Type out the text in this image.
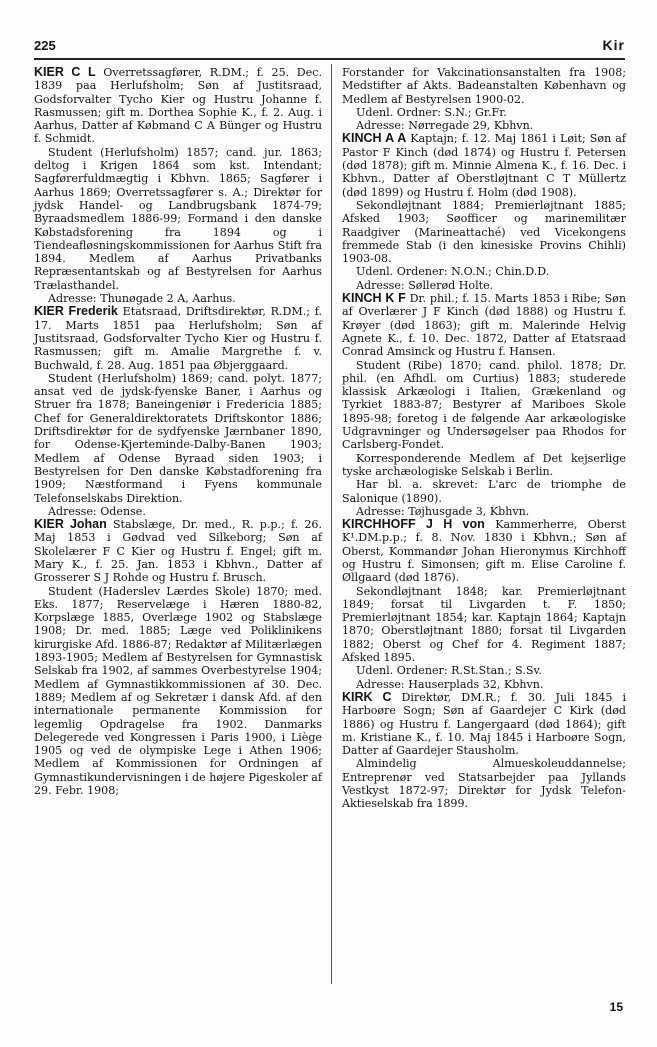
225	Kir

KIER C L Overretssagfører, R.DM.; f. 25. Dec. 1839 paa Herlufsholm; Søn af Justitsraad, Godsforvalter Tycho Kier og Hustru Johanne f. Rasmussen; gift m. Dorthea Sophie K., f. 2. Aug. i Aarhus, Datter af Købmand C A Bünger og Hustru f. Schmidt.

Student (Herlufsholm) 1857; cand. jur. 1863; deltog i Krigen 1864 som kst. Intendant; Sagførerfuldmægtig i Kbhvn. 1865; Sagfører i Aarhus 1869; Overretssagfører s. A.; Direktør for jydsk Handel- og Landbrugsbank 1874-79; Byraadsmedlem 1886-99; Formand i den danske Købstadsforening fra 1894 og i Tiendeafløsningskommissionen for Aarhus Stift fra 1894. Medlem af Aarhus Privatbanks Repræsentantskab og af Bestyrelsen for Aarhus Trælasthandel.

Adresse: Thunøgade 2 A, Aarhus.

KIER Frederik Etatsraad, Driftsdirektør, R.DM.; f. 17. Marts 1851 paa Herlufsholm; Søn af Justitsraad, Godsforvalter Tycho Kier og Hustru f. Rasmussen; gift m. Amalie Margrethe f. v. Buchwald, f. 28. Aug. 1851 paa Øbjerggaard.

Student (Herlufsholm) 1869; cand. polyt. 1877; ansat ved de jydsk-fyenske Baner, i Aarhus og Struer fra 1878; Baneingeniør i Fredericia 1885; Chef for Generaldirektoratets Driftskontor 1886; Driftsdirektør for de sydfyenske Jærnbaner 1890, for Odense-Kjerteminde-Dalby-Banen 1903; Medlem af Odense Byraad siden 1903; i Bestyrelsen for Den danske Købstadforening fra 1909; Næstformand i Fyens kommunale Telefonselskabs Direktion.

Adresse: Odense.

KIER Johan Stabslæge, Dr. med., R. p.p.; f. 26. Maj 1853 i Gødvad ved Silkeborg; Søn af Skolelærer F C Kier og Hustru f. Engel; gift m. Mary K., f. 25. Jan. 1853 i Kbhvn., Datter af Grosserer S J Rohde og Hustru f. Brusch.

Student (Haderslev Lærdes Skole) 1870; med. Eks. 1877; Reservelæge i Hæren 1880-82, Korpslæge 1885, Overlæge 1902 og Stabslæge 1908; Dr. med. 1885; Læge ved Poliklinikens kirurgiske Afd. 1886-87; Redaktør af Militærlægen 1893-1905; Medlem af Bestyrelsen for Gymnastisk Selskab fra 1902, af sammes Overbestyrelse 1904; Medlem af Gymnastikkommissionen af 30. Dec. 1889; Medlem af og Sekretær i dansk Afd. af den internationale permanente Kommission for legemlig Opdragelse fra 1902. Danmarks Delegerede ved Kongressen i Paris 1900, i Liège 1905 og ved de olympiske Lege i Athen 1906; Medlem af Kommissionen for Ordningen af Gymnastikundervisningen i de højere Pigeskoler af 29. Febr. 1908;

Forstander for Vakcinationsanstalten fra 1908; Medstifter af Akts. Badeanstalten København og Medlem af Bestyrelsen 1900-02.

Udenl. Ordner: S.N.; Gr.Fr.

Adresse: Nørregade 29, Kbhvn.

KINCH A A Kaptajn; f. 12. Maj 1861 i Løit; Søn af Pastor F Kinch (død 1874) og Hustru f. Petersen (død 1878); gift m. Minnie Almena K., f. 16. Dec. i Kbhvn., Datter af Oberstløjtnant C T Müllertz (død 1899) og Hustru f. Holm (død 1908).

Sekondløjtnant 1884; Premierløjtnant 1885; Afsked 1903; Søofficer og marinemilitær Raadgiver (Marineattaché) ved Vicekongens fremmede Stab (i den kinesiske Provins Chihli) 1903-08.

Udenl. Ordener: N.O.N.; Chin.D.D.

Adresse: Søllerød Holte.

KINCH K F Dr. phil.; f. 15. Marts 1853 i Ribe; Søn af Overlærer J F Kinch (død 1888) og Hustru f. Krøyer (død 1863); gift m. Malerinde Helvig Agnete K., f. 10. Dec. 1872, Datter af Etatsraad Conrad Amsinck og Hustru f. Hansen.

Student (Ribe) 1870; cand. philol. 1878; Dr. phil. (en Afhdl. om Curtius) 1883; studerede klassisk Arkæologi i Italien, Grækenland og Tyrkiet 1883-87; Bestyrer af Mariboes Skole 1895-98; foretog i de følgende Aar arkæologiske Udgravninger og Undersøgelser paa Rhodos for Carlsberg-Fondet.

Korresponderende Medlem af Det kejserlige tyske archæologiske Selskab i Berlin.

Har bl. a. skrevet: L'arc de triomphe de Salonique (1890).

Adresse: Tøjhusgade 3, Kbhvn.

KIRCHHOFF J H von Kammerherre, Oberst K¹.DM.p.p.; f. 8. Nov. 1830 i Kbhvn.; Søn af Oberst, Kommandør Johan Hieronymus Kirchhoff og Hustru f. Simonsen; gift m. Elise Caroline f. Øllgaard (død 1876).

Sekondløjtnant 1848; kar. Premierløjtnant 1849; forsat til Livgarden t. F. 1850; Premierløjtnant 1854; kar. Kaptajn 1864; Kaptajn 1870; Oberstløjtnant 1880; forsat til Livgarden 1882; Oberst og Chef for 4. Regiment 1887; Afsked 1895.

Udenl. Ordener: R.St.Stan.; S.Sv.

Adresse: Hauserplads 32, Kbhvn.

KIRK C Direktør, DM.R.; f. 30. Juli 1845 i Harboøre Sogn; Søn af Gaardejer C Kirk (død 1886) og Hustru f. Langergaard (død 1864); gift m. Kristiane K., f. 10. Maj 1845 i Harboøre Sogn, Datter af Gaardejer Stausholm.

Almindelig Almueskoleuddannelse; Entreprenør ved Statsarbejder paa Jyllands Vestkyst 1872-97; Direktør for Jydsk Telefon-Aktieselskab fra 1899.

15
